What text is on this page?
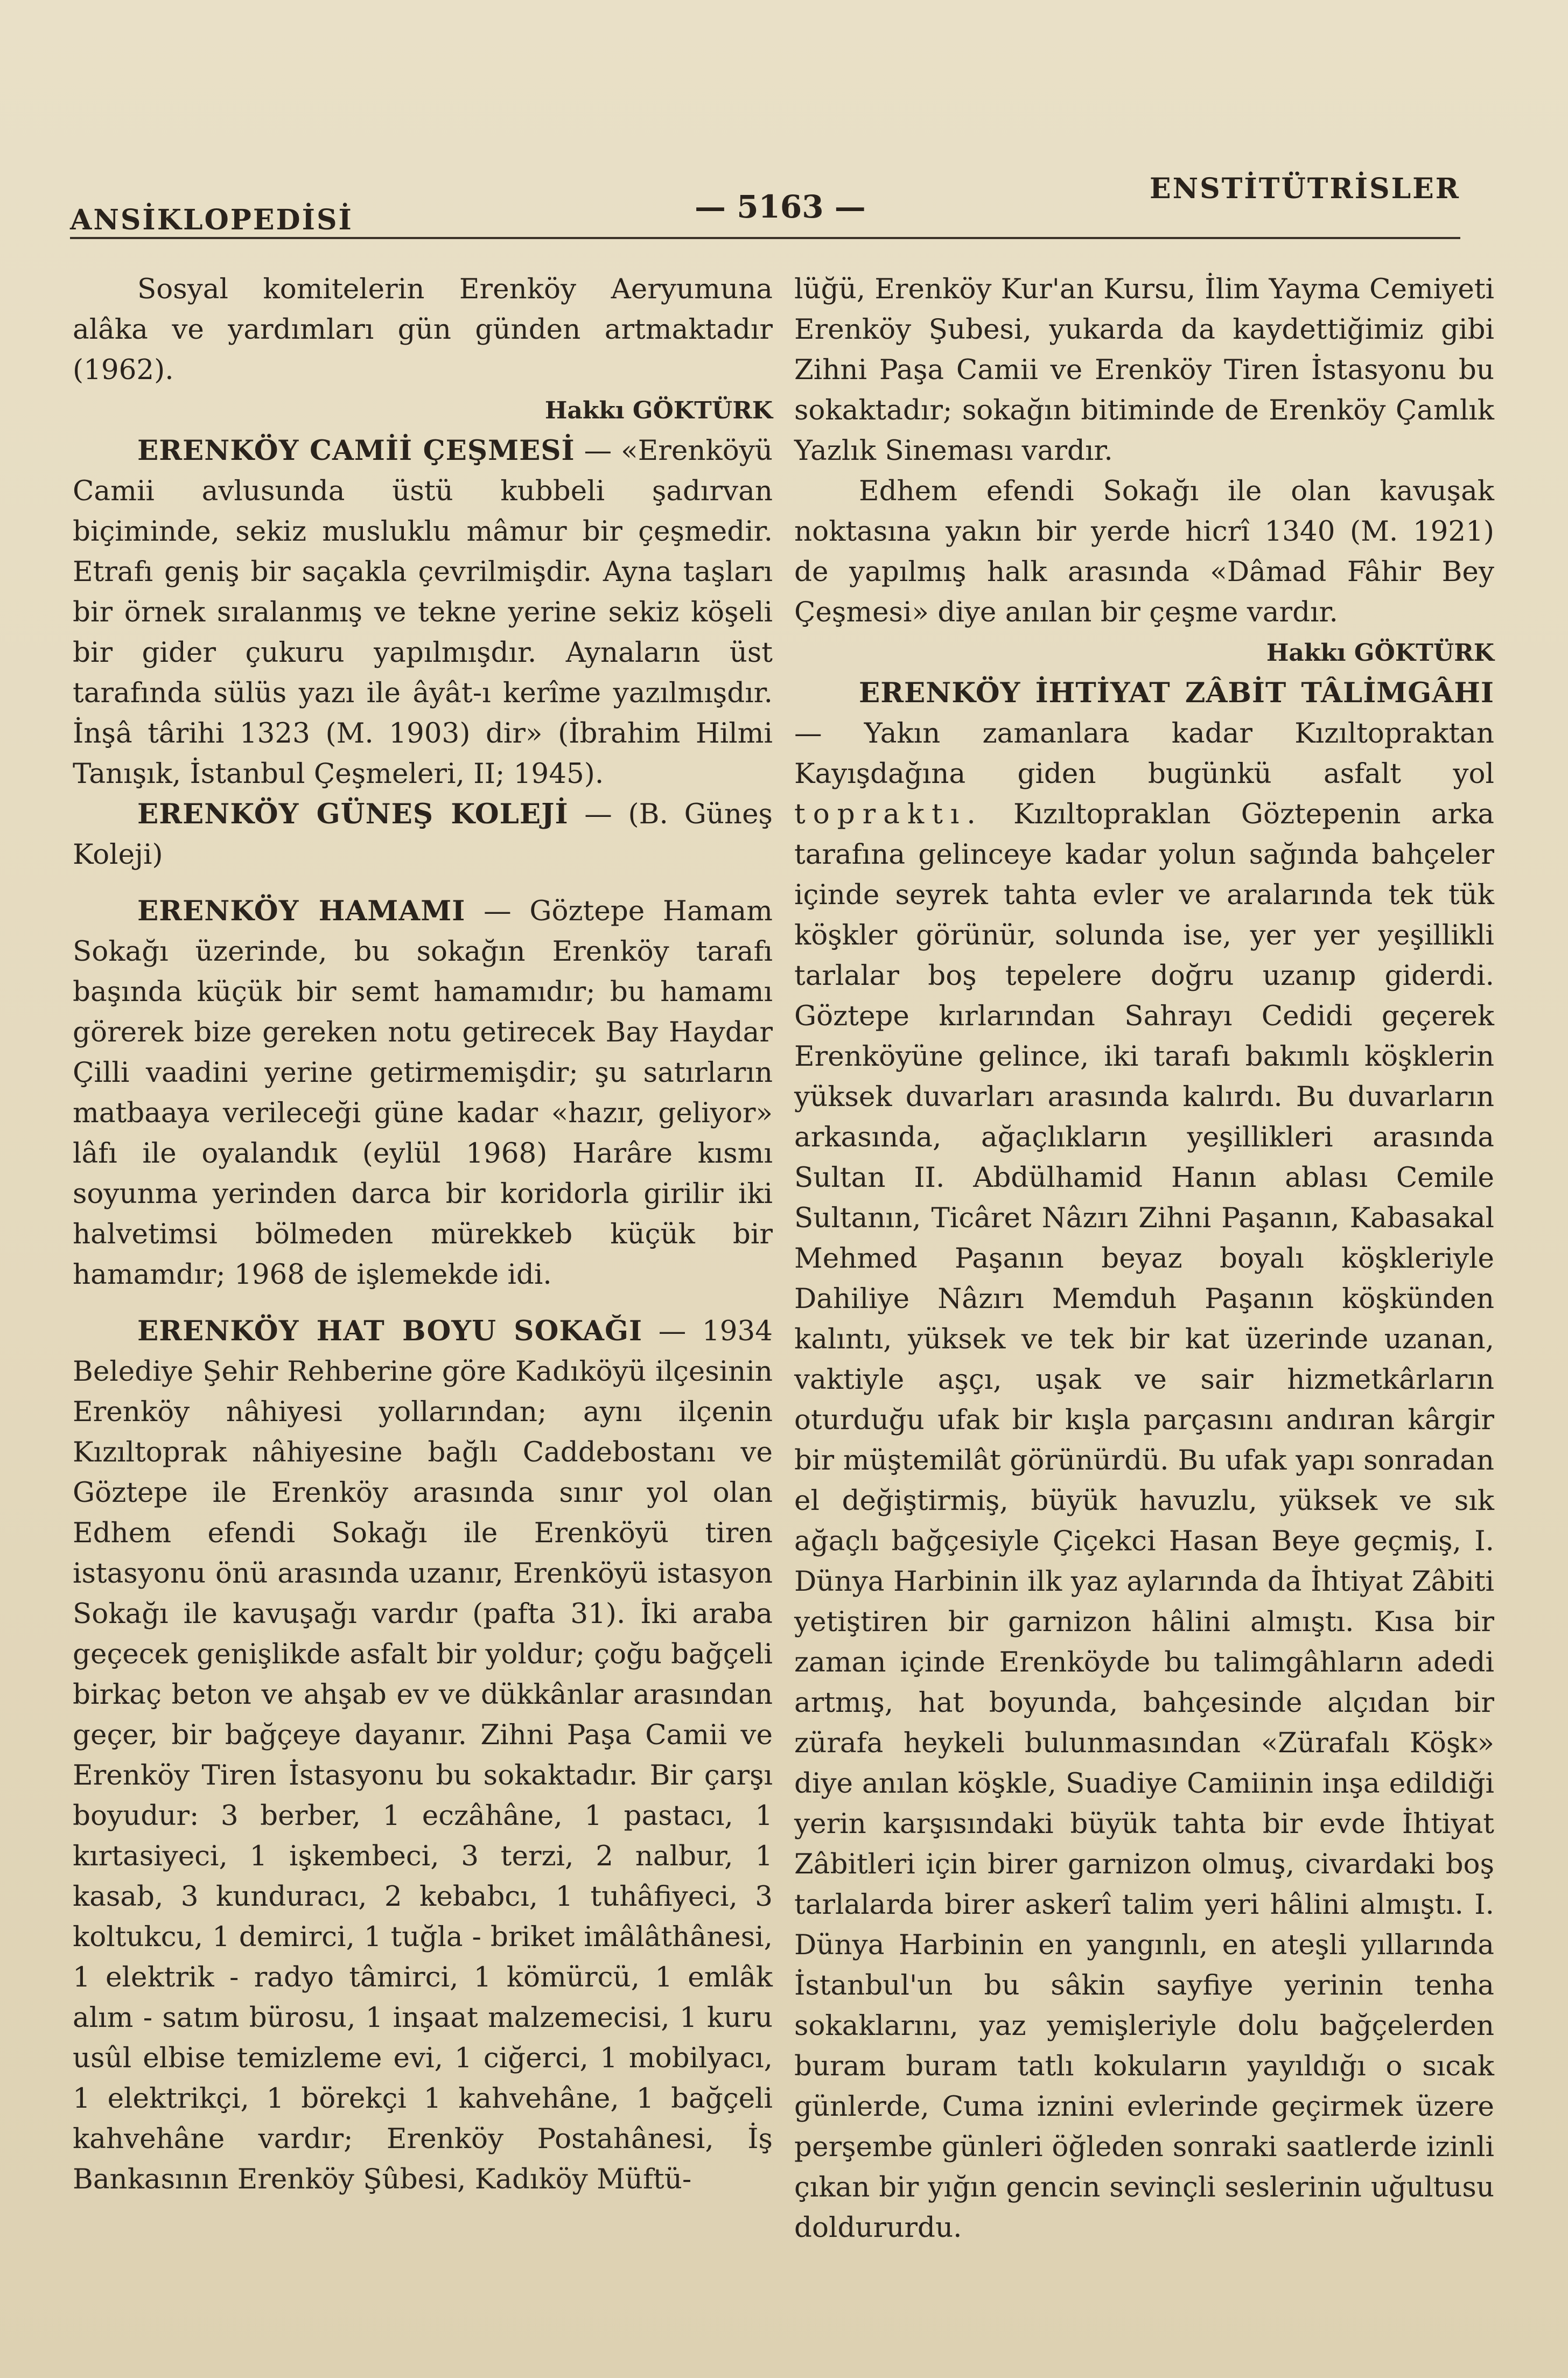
ANSİKLOPEDİSİ	— 5163 —	ENSTİTÜTRİSLER

Sosyal komitelerin Erenköy Aeryumuna alâka ve yardımları gün günden artmaktadır (1962).

Hakkı GÖKTÜRK

ERENKÖY CAMİİ ÇEŞMESİ — «Erenköyü Camii avlusunda üstü kubbeli şadırvan biçiminde, sekiz musluklu mâmur bir çeşmedir. Etrafı geniş bir saçakla çevrilmişdir. Ayna taşları bir örnek sıralanmış ve tekne yerine sekiz köşeli bir gider çukuru yapılmışdır. Aynaların üst tarafında sülüs yazı ile âyât-ı kerîme yazılmışdır. İnşâ târihi 1323 (M. 1903) dir» (İbrahim Hilmi Tanışık, İstanbul Çeşmeleri, II; 1945).

ERENKÖY GÜNEŞ KOLEJİ — (B. Güneş Koleji)

ERENKÖY HAMAMI — Göztepe Hamam Sokağı üzerinde, bu sokağın Erenköy tarafı başında küçük bir semt hamamıdır; bu hamamı görerek bize gereken notu getirecek Bay Haydar Çilli vaadini yerine getirmemişdir; şu satırların matbaaya verileceği güne kadar «hazır, geliyor» lâfı ile oyalandık (eylül 1968) Harâre kısmı soyunma yerinden darca bir koridorla girilir iki halvetimsi bölmeden mürekkeb küçük bir hamamdır; 1968 de işlemekde idi.

ERENKÖY HAT BOYU SOKAĞI — 1934 Belediye Şehir Rehberine göre Kadıköyü ilçesinin Erenköy nâhiyesi yollarından; aynı ilçenin Kızıltoprak nâhiyesine bağlı Caddebostanı ve Göztepe ile Erenköy arasında sınır yol olan Edhem efendi Sokağı ile Erenköyü tiren istasyonu önü arasında uzanır, Erenköyü istasyon Sokağı ile kavuşağı vardır (pafta 31). İki araba geçecek genişlikde asfalt bir yoldur; çoğu bağçeli birkaç beton ve ahşab ev ve dükkânlar arasından geçer, bir bağçeye dayanır. Zihni Paşa Camii ve Erenköy Tiren İstasyonu bu sokaktadır. Bir çarşı boyudur: 3 berber, 1 eczâhâne, 1 pastacı, 1 kırtasiyeci, 1 işkembeci, 3 terzi, 2 nalbur, 1 kasab, 3 kunduracı, 2 kebabcı, 1 tuhâfiyeci, 3 koltukcu, 1 demirci, 1 tuğla - briket imâlâthânesi, 1 elektrik - radyo tâmirci, 1 kömürcü, 1 emlâk alım - satım bürosu, 1 inşaat malzemecisi, 1 kuru usûl elbise temizleme evi, 1 ciğerci, 1 mobilyacı, 1 elektrikçi, 1 börekçi 1 kahvehâne, 1 bağçeli kahvehâne vardır; Erenköy Postahânesi, İş Bankasının Erenköy Şûbesi, Kadıköy Müftü-

lüğü, Erenköy Kur'an Kursu, İlim Yayma Cemiyeti Erenköy Şubesi, yukarda da kaydettiğimiz gibi Zihni Paşa Camii ve Erenköy Tiren İstasyonu bu sokaktadır; sokağın bitiminde de Erenköy Çamlık Yazlık Sineması vardır.

Edhem efendi Sokağı ile olan kavuşak noktasına yakın bir yerde hicrî 1340 (M. 1921) de yapılmış halk arasında «Dâmad Fâhir Bey Çeşmesi» diye anılan bir çeşme vardır.

Hakkı GÖKTÜRK

ERENKÖY İHTİYAT ZÂBİT TÂLİMGÂHI — Yakın zamanlara kadar Kızıltopraktan Kayışdağına giden bugünkü asfalt yol topraktı. Kızıltopraklan Göztepenin arka tarafına gelinceye kadar yolun sağında bahçeler içinde seyrek tahta evler ve aralarında tek tük köşkler görünür, solunda ise, yer yer yeşillikli tarlalar boş tepelere doğru uzanıp giderdi. Göztepe kırlarından Sahrayı Cedidi geçerek Erenköyüne gelince, iki tarafı bakımlı köşklerin yüksek duvarları arasında kalırdı. Bu duvarların arkasında, ağaçlıkların yeşillikleri arasında Sultan II. Abdülhamid Hanın ablası Cemile Sultanın, Ticâret Nâzırı Zihni Paşanın, Kabasakal Mehmed Paşanın beyaz boyalı köşkleriyle Dahiliye Nâzırı Memduh Paşanın köşkünden kalıntı, yüksek ve tek bir kat üzerinde uzanan, vaktiyle aşçı, uşak ve sair hizmetkârların oturduğu ufak bir kışla parçasını andıran kârgir bir müştemilât görünürdü. Bu ufak yapı sonradan el değiştirmiş, büyük havuzlu, yüksek ve sık ağaçlı bağçesiyle Çiçekci Hasan Beye geçmiş, I. Dünya Harbinin ilk yaz aylarında da İhtiyat Zâbiti yetiştiren bir garnizon hâlini almıştı. Kısa bir zaman içinde Erenköyde bu talimgâhların adedi artmış, hat boyunda, bahçesinde alçıdan bir zürafa heykeli bulunmasından «Zürafalı Köşk» diye anılan köşkle, Suadiye Camiinin inşa edildiği yerin karşısındaki büyük tahta bir evde İhtiyat Zâbitleri için birer garnizon olmuş, civardaki boş tarlalarda birer askerî talim yeri hâlini almıştı. I. Dünya Harbinin en yangınlı, en ateşli yıllarında İstanbul'un bu sâkin sayfiye yerinin tenha sokaklarını, yaz yemişleriyle dolu bağçelerden buram buram tatlı kokuların yayıldığı o sıcak günlerde, Cuma iznini evlerinde geçirmek üzere perşembe günleri öğleden sonraki saatlerde izinli çıkan bir yığın gencin sevinçli seslerinin uğultusu doldururdu.
